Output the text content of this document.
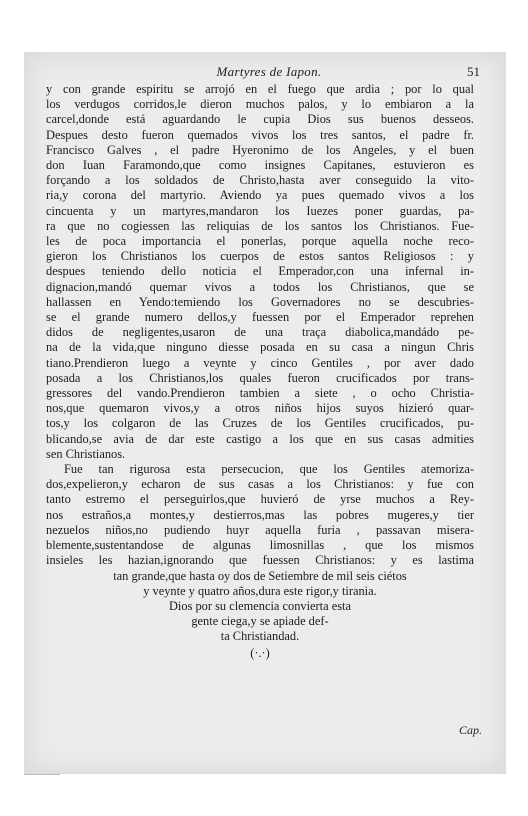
Martyres de Iapon.	51
y con grande espiritu se arrojó en el fuego que ardia ; por lo qual
los verdugos corridos,le dieron muchos palos, y lo embiaron a la
carcel,donde está aguardando le cupia Dios sus buenos desseos.
Despues desto fueron quemados vivos los tres santos, el padre fr.
Francisco Galves , el padre Hyeronimo de los Angeles, y el buen
don Iuan Faramondo,que como insignes Capitanes, estuvieron es
forçando a los soldados de Christo,hasta aver conseguido la vito-
ria,y corona del martyrio. Aviendo ya pues quemado vivos a los
cincuenta y un martyres,mandaron los Iuezes poner guardas, pa-
ra que no cogiessen las reliquias de los santos los Christianos. Fue-
les de poca importancia el ponerlas, porque aquella noche reco-
gieron los Christianos los cuerpos de estos santos Religiosos : y
despues teniendo dello noticia el Emperador,con una infernal in-
dignacion,mandó quemar vivos a todos los Christianos, que se
hallassen en Yendo:temiendo los Governadores no se descubries-
se el grande numero dellos,y fuessen por el Emperador reprehen
didos de negligentes,usaron de una traça diabolica,mandádo pe-
na de la vida,que ninguno diesse posada en su casa a ningun Chris
tiano.Prendieron luego a veynte y cinco Gentiles , por aver dado
posada a los Christianos,los quales fueron crucificados por trans-
gressores del vando.Prendieron tambien a siete , o ocho Christia-
nos,que quemaron vivos,y a otros niños hijos suyos hizieró quar-
tos,y los colgaron de las Cruzes de los Gentiles crucificados, pu-
blicando,se avia de dar este castigo a los que en sus casas admities
sen Christianos.
Fue tan rigurosa esta persecucion, que los Gentiles atemoriza-
dos,expelieron,y echaron de sus casas a los Christianos: y fue con
tanto estremo el perseguirlos,que huvieró de yrse muchos a Rey-
nos estraños,a montes,y destierros,mas las pobres mugeres,y tier
nezuelos niños,no pudiendo huyr aquella furia , passavan misera-
blemente,sustentandose de algunas limosnillas , que los mismos
insieles les hazian,ignorando que fuessen Christianos: y es lastima
tan grande,que hasta oy dos de Setiembre de mil seis ciétos
y veynte y quatro años,dura este rigor,y tirania.
Dios por su clemencia convierta esta
gente ciega,y se apiade def-
ta Christiandad.
(·.·)
Cap.
